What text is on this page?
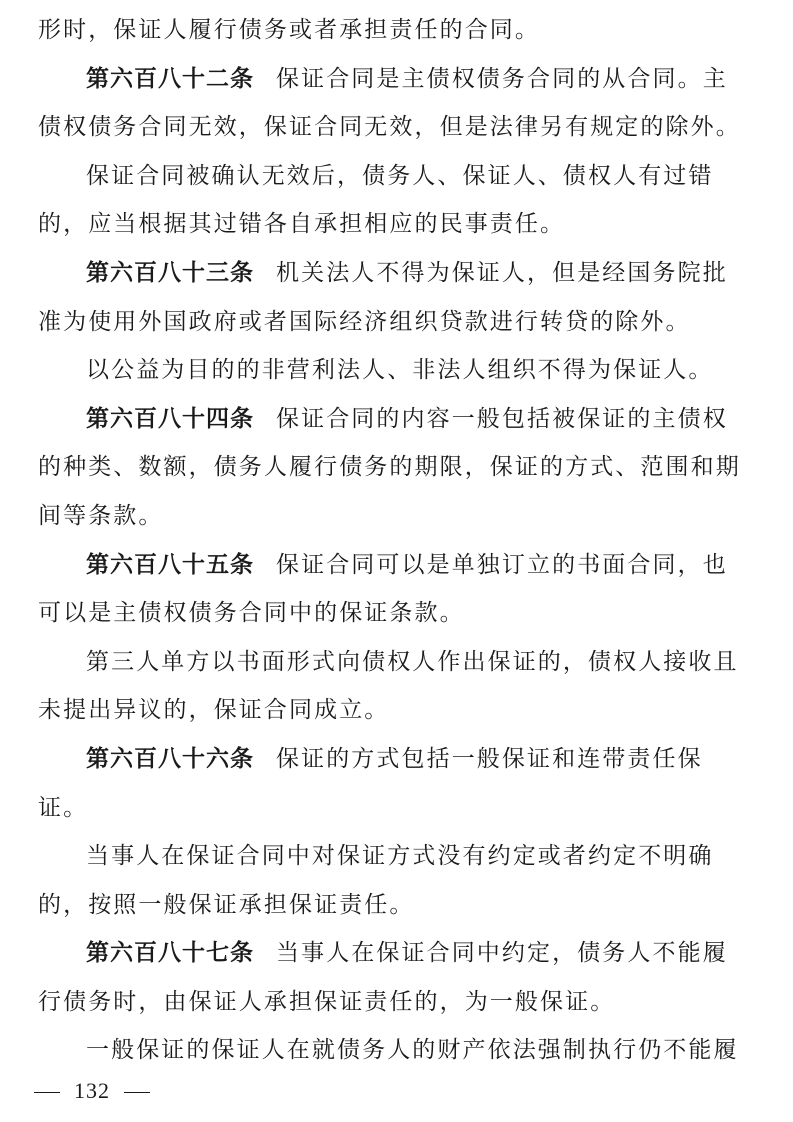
形时，保证人履行债务或者承担责任的合同。
第六百八十二条 保证合同是主债权债务合同的从合同。主
债权债务合同无效，保证合同无效，但是法律另有规定的除外。
保证合同被确认无效后，债务人、保证人、债权人有过错
的，应当根据其过错各自承担相应的民事责任。
第六百八十三条 机关法人不得为保证人，但是经国务院批
准为使用外国政府或者国际经济组织贷款进行转贷的除外。
以公益为目的的非营利法人、非法人组织不得为保证人。
第六百八十四条 保证合同的内容一般包括被保证的主债权
的种类、数额，债务人履行债务的期限，保证的方式、范围和期
间等条款。
第六百八十五条 保证合同可以是单独订立的书面合同，也
可以是主债权债务合同中的保证条款。
第三人单方以书面形式向债权人作出保证的，债权人接收且
未提出异议的，保证合同成立。
第六百八十六条 保证的方式包括一般保证和连带责任保
证。
当事人在保证合同中对保证方式没有约定或者约定不明确
的，按照一般保证承担保证责任。
第六百八十七条 当事人在保证合同中约定，债务人不能履
行债务时，由保证人承担保证责任的，为一般保证。
一般保证的保证人在就债务人的财产依法强制执行仍不能履
132
